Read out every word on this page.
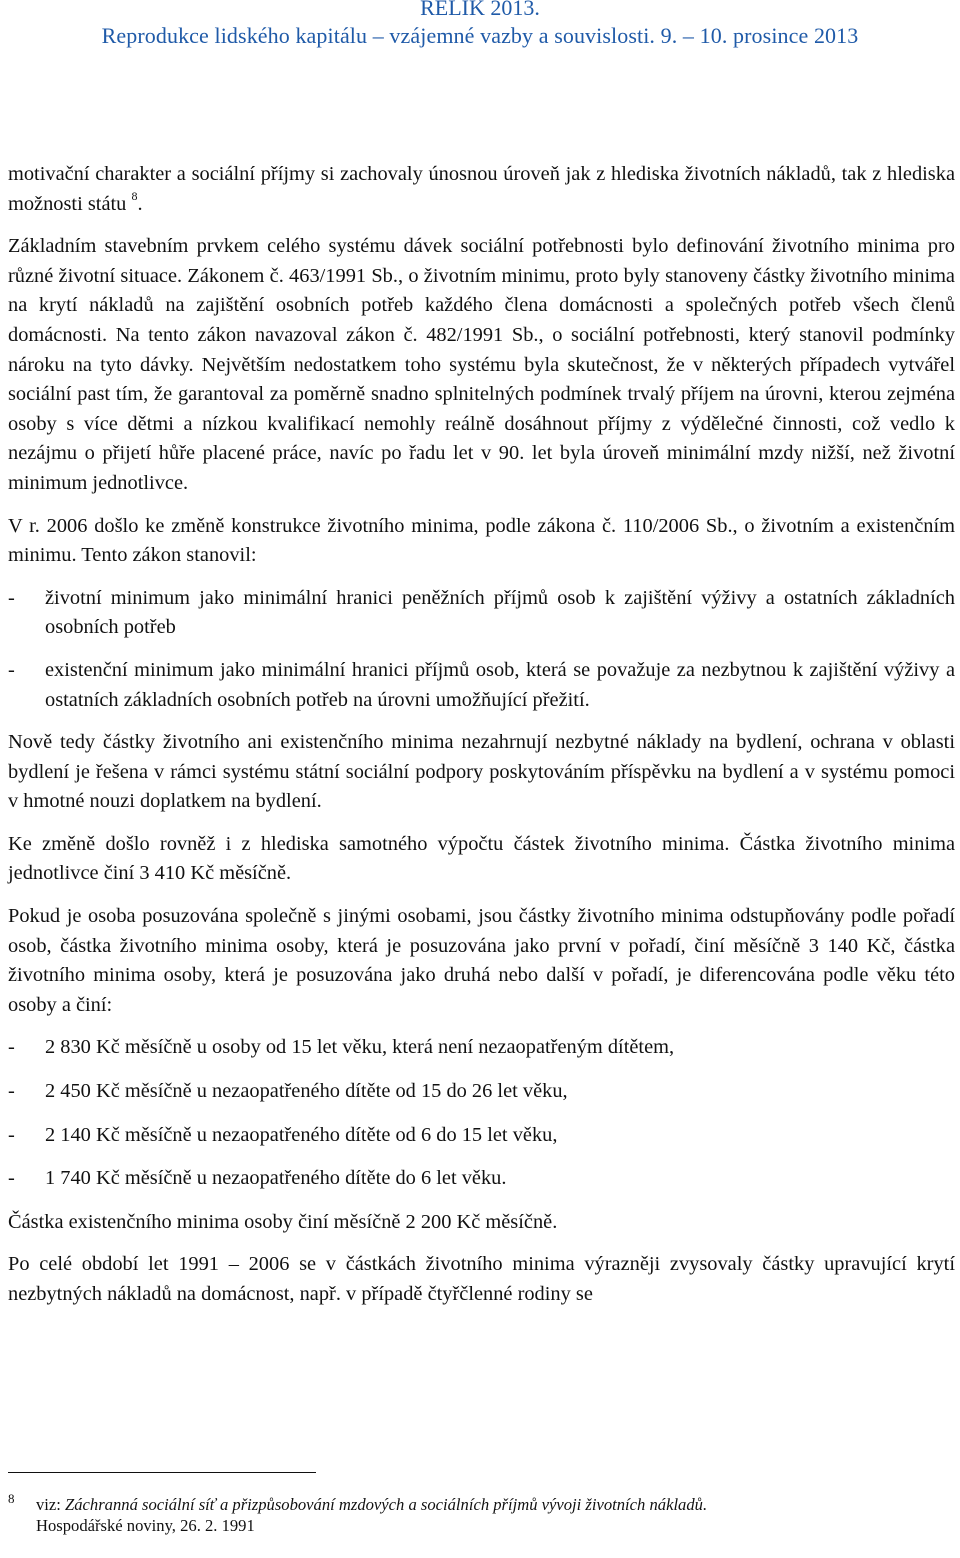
RELIK 2013.
Reprodukce lidského kapitálu – vzájemné vazby a souvislosti. 9. – 10. prosince 2013

motivační charakter a sociální příjmy si zachovaly únosnou úroveň jak z hlediska životních nákladů, tak z hlediska možnosti státu $^8$.

Základním stavebním prvkem celého systému dávek sociální potřebnosti bylo definování životního minima pro různé životní situace. Zákonem č. 463/1991 Sb., o životním minimu, proto byly stanoveny částky životního minima na krytí nákladů na zajištění osobních potřeb každého člena domácnosti a společných potřeb všech členů domácnosti. Na tento zákon navazoval zákon č. 482/1991 Sb., o sociální potřebnosti, který stanovil podmínky nároku na tyto dávky. Největším nedostatkem toho systému byla skutečnost, že v některých případech vytvářel sociální past tím, že garantoval za poměrně snadno splnitelných podmínek trvalý příjem na úrovni, kterou zejména osoby s více dětmi a nízkou kvalifikací nemohly reálně dosáhnout příjmy z výdělečné činnosti, což vedlo k nezájmu o přijetí hůře placené práce, navíc po řadu let v 90. let byla úroveň minimální mzdy nižší, než životní minimum jednotlivce.

V r. 2006 došlo ke změně konstrukce životního minima, podle zákona č. 110/2006 Sb., o životním a existenčním minimu. Tento zákon stanovil:

- životní minimum jako minimální hranici peněžních příjmů osob k zajištění výživy a ostatních základních osobních potřeb
- existenční minimum jako minimální hranici příjmů osob, která se považuje za nezbytnou k zajištění výživy a ostatních základních osobních potřeb na úrovni umožňující přežití.

Nově tedy částky životního ani existenčního minima nezahrnují nezbytné náklady na bydlení, ochrana v oblasti bydlení je řešena v rámci systému státní sociální podpory poskytováním příspěvku na bydlení a v systému pomoci v hmotné nouzi doplatkem na bydlení.

Ke změně došlo rovněž i z hlediska samotného výpočtu částek životního minima. Částka životního minima jednotlivce činí 3 410 Kč měsíčně.

Pokud je osoba posuzována společně s jinými osobami, jsou částky životního minima odstupňovány podle pořadí osob, částka životního minima osoby, která je posuzována jako první v pořadí, činí měsíčně 3 140 Kč, částka životního minima osoby, která je posuzována jako druhá nebo další v pořadí, je diferencována podle věku této osoby a činí:

- 2 830 Kč měsíčně u osoby od 15 let věku, která není nezaopatřeným dítětem,
- 2 450 Kč měsíčně u nezaopatřeného dítěte od 15 do 26 let věku,
- 2 140 Kč měsíčně u nezaopatřeného dítěte od 6 do 15 let věku,
- 1 740 Kč měsíčně u nezaopatřeného dítěte do 6 let věku.

Částka existenčního minima osoby činí měsíčně 2 200 Kč měsíčně.

Po celé období let 1991 – 2006 se v částkách životního minima výrazněji zvysovaly částky upravující krytí nezbytných nákladů na domácnost, např. v případě čtyřčlenné rodiny se

8 viz: Záchranná sociální síť a přizpůsobování mzdových a sociálních příjmů vývoji životních nákladů.
Hospodářské noviny, 26. 2. 1991
